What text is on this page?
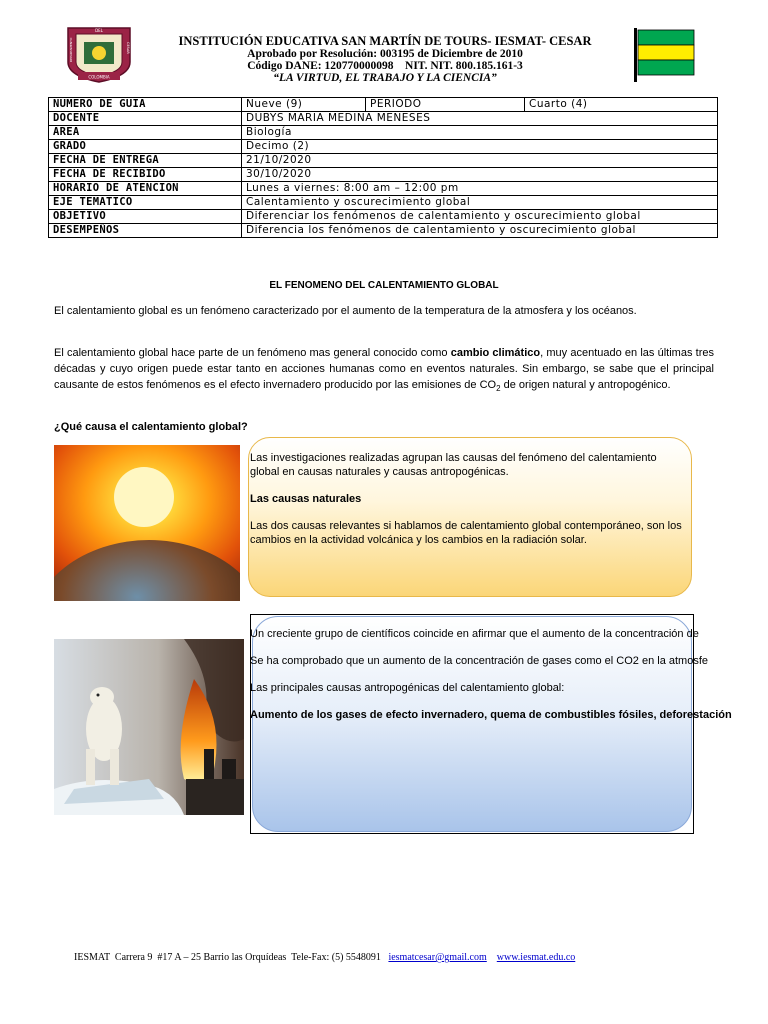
DEL
DEPARTAMENTO	CESAR
COLOMBIA
INSTITUCIÓN EDUCATIVA SAN MARTÍN DE TOURS- IESMAT- CESAR
Aprobado por Resolución: 003195 de Diciembre de 2010
Código DANE: 120770000098    NIT. NIT. 800.185.161-3
“LA VIRTUD, EL TRABAJO Y LA CIENCIA”
NUMERO DE GUIA	Nueve (9)	PERIODO	Cuarto (4)
DOCENTE	DUBYS MARIA MEDINA MENESES		
AREA	Biología		
GRADO	Decimo (2)		
FECHA DE ENTREGA	21/10/2020		
FECHA DE RECIBIDO	30/10/2020		
HORARIO DE ATENCION	Lunes a viernes: 8:00 am – 12:00 pm		
EJE TEMATICO	Calentamiento y oscurecimiento global		
OBJETIVO	Diferenciar los fenómenos de calentamiento y oscurecimiento global		
DESEMPEÑOS	Diferencia los fenómenos de calentamiento y oscurecimiento global		
EL FENOMENO DEL CALENTAMIENTO GLOBAL
El calentamiento global es un fenómeno caracterizado por el aumento de la temperatura de la atmosfera y los océanos.
El calentamiento global hace parte de un fenómeno mas general conocido como cambio climático, muy acentuado en las últimas tres décadas y cuyo origen puede estar tanto en acciones humanas como en eventos naturales. Sin embargo, se sabe que el principal causante de estos fenómenos es el efecto invernadero producido por las emisiones de $CO_2$ de origen natural y antropogénico.
¿Qué causa el calentamiento global?

Las investigaciones realizadas agrupan las causas del fenómeno del calentamiento global en causas naturales y causas antropogénicas.

Las causas naturales

Las dos causas relevantes si hablamos de calentamiento global contemporáneo, son los cambios en la actividad volcánica y los cambios en la radiación solar.

Un creciente grupo de científicos coincide en afirmar que el aumento de la concentración de

Se ha comprobado que un aumento de la concentración de gases como el CO2 en la atmosfe

Las principales causas antropogénicas del calentamiento global:

Aumento de los gases de efecto invernadero, quema de combustibles fósiles, deforestación

IESMAT  Carrera 9  #17 A – 25 Barrio las Orquídeas  Tele-Fax: (5) 5548091   iesmatcesar@gmail.com www.iesmat.edu.co
